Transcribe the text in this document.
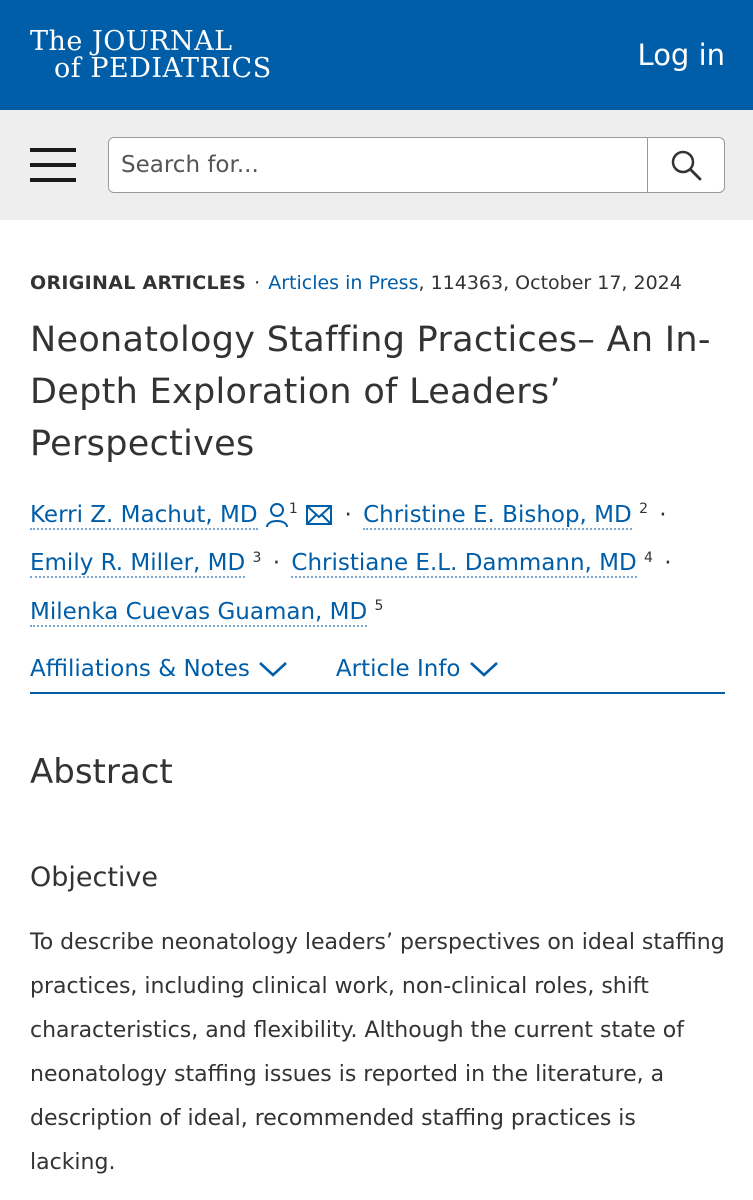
The JOURNAL
of PEDIATRICS	Log in
Search for...
ORIGINAL ARTICLES · Articles in Press, 114363, October 17, 2024
Neonatology Staffing Practices– An In-Depth Exploration of Leaders’ Perspectives
Kerri Z. Machut, MD $^1$ · Christine E. Bishop, MD $^2$ ·
Emily R. Miller, MD $^3$ · Christiane E.L. Dammann, MD $^4$ ·
Milenka Cuevas Guaman, MD $^5$
Affiliations & Notes	Article Info
Abstract
Objective

To describe neonatology leaders’ perspectives on ideal staffing practices, including clinical work, non-clinical roles, shift characteristics, and flexibility. Although the current state of neonatology staffing issues is reported in the literature, a description of ideal, recommended staffing practices is lacking.
